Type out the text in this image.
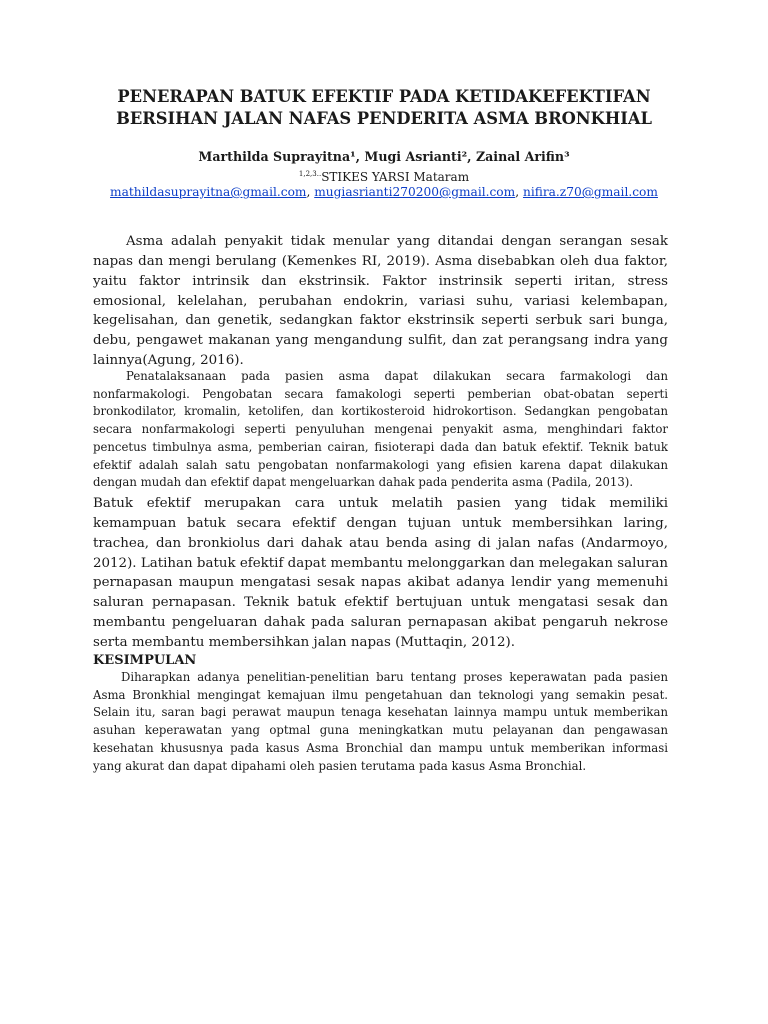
PENERAPAN BATUK EFEKTIF PADA KETIDAKEFEKTIFAN
BERSIHAN JALAN NAFAS PENDERITA ASMA BRONKHIAL
Marthilda Suprayitna¹, Mugi Asrianti², Zainal Arifin³
$^{1,2,3..}$STIKES YARSI Mataram
mathildasuprayitna@gmail.com, mugiasrianti270200@gmail.com, nifira.z70@gmail.com

Asma adalah penyakit tidak menular yang ditandai dengan serangan sesak napas dan mengi berulang (Kemenkes RI, 2019). Asma disebabkan oleh dua faktor, yaitu faktor intrinsik dan ekstrinsik. Faktor instrinsik seperti iritan, stress emosional, kelelahan, perubahan endokrin, variasi suhu, variasi kelembapan, kegelisahan, dan genetik, sedangkan faktor ekstrinsik seperti serbuk sari bunga, debu, pengawet makanan yang mengandung sulfit, dan zat perangsang indra yang lainnya(Agung, 2016).

Penatalaksanaan pada pasien asma dapat dilakukan secara farmakologi dan nonfarmakologi. Pengobatan secara famakologi seperti pemberian obat-obatan seperti bronkodilator, kromalin, ketolifen, dan kortikosteroid hidrokortison. Sedangkan pengobatan secara nonfarmakologi seperti penyuluhan mengenai penyakit asma, menghindari faktor pencetus timbulnya asma, pemberian cairan, fisioterapi dada dan batuk efektif. Teknik batuk efektif adalah salah satu pengobatan nonfarmakologi yang efisien karena dapat dilakukan dengan mudah dan efektif dapat mengeluarkan dahak pada penderita asma (Padila, 2013).

Batuk efektif merupakan cara untuk melatih pasien yang tidak memiliki kemampuan batuk secara efektif dengan tujuan untuk membersihkan laring, trachea, dan bronkiolus dari dahak atau benda asing di jalan nafas (Andarmoyo, 2012). Latihan batuk efektif dapat membantu melonggarkan dan melegakan saluran pernapasan maupun mengatasi sesak napas akibat adanya lendir yang memenuhi saluran pernapasan. Teknik batuk efektif bertujuan untuk mengatasi sesak dan membantu pengeluaran dahak pada saluran pernapasan akibat pengaruh nekrose serta membantu membersihkan jalan napas (Muttaqin, 2012).

KESIMPULAN

Diharapkan adanya penelitian-penelitian baru tentang proses keperawatan pada pasien Asma Bronkhial mengingat kemajuan ilmu pengetahuan dan teknologi yang semakin pesat. Selain itu, saran bagi perawat maupun tenaga kesehatan lainnya mampu untuk memberikan asuhan keperawatan yang optmal guna meningkatkan mutu pelayanan dan pengawasan kesehatan khususnya pada kasus Asma Bronchial dan mampu untuk memberikan informasi yang akurat dan dapat dipahami oleh pasien terutama pada kasus Asma Bronchial.
